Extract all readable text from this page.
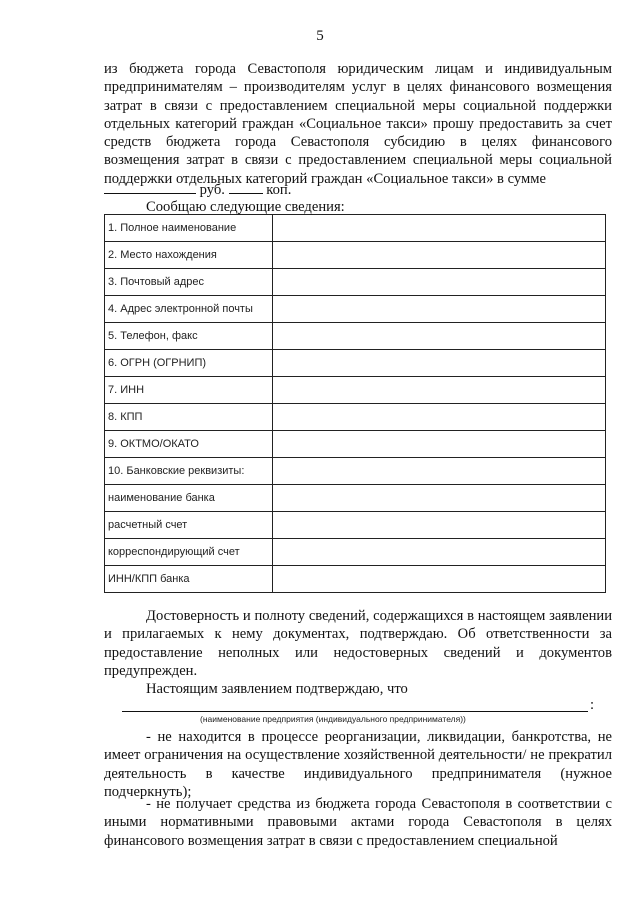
5
из бюджета города Севастополя юридическим лицам и индивидуальным предпринимателям – производителям услуг в целях финансового возмещения затрат в связи с предоставлением специальной меры социальной поддержки отдельных категорий граждан «Социальное такси» прошу предоставить за счет средств бюджета города Севастополя субсидию в целях финансового возмещения затрат в связи с предоставлением специальной меры социальной поддержки отдельных категорий граждан «Социальное такси» в сумме
руб.	коп.
Сообщаю следующие сведения:
1. Полное наименование	
2. Место нахождения	
3. Почтовый адрес	
4. Адрес электронной почты	
5. Телефон, факс	
6. ОГРН (ОГРНИП)	
7. ИНН	
8. КПП	
9. ОКТМО/ОКАТО	
10. Банковские реквизиты:	
наименование банка	
расчетный счет	
корреспондирующий счет	
ИНН/КПП банка	
Достоверность и полноту сведений, содержащихся в настоящем заявлении и прилагаемых к нему документах, подтверждаю. Об ответственности за предоставление неполных или недостоверных сведений и документов предупрежден.
Настоящим заявлением подтверждаю, что
:
(наименование предприятия (индивидуального предпринимателя))
- не находится в процессе реорганизации, ликвидации, банкротства, не имеет ограничения на осуществление хозяйственной деятельности/ не прекратил деятельность в качестве индивидуального предпринимателя (нужное подчеркнуть);
- не получает средства из бюджета города Севастополя в соответствии с иными нормативными правовыми актами города Севастополя в целях финансового возмещения затрат в связи с предоставлением специальной
